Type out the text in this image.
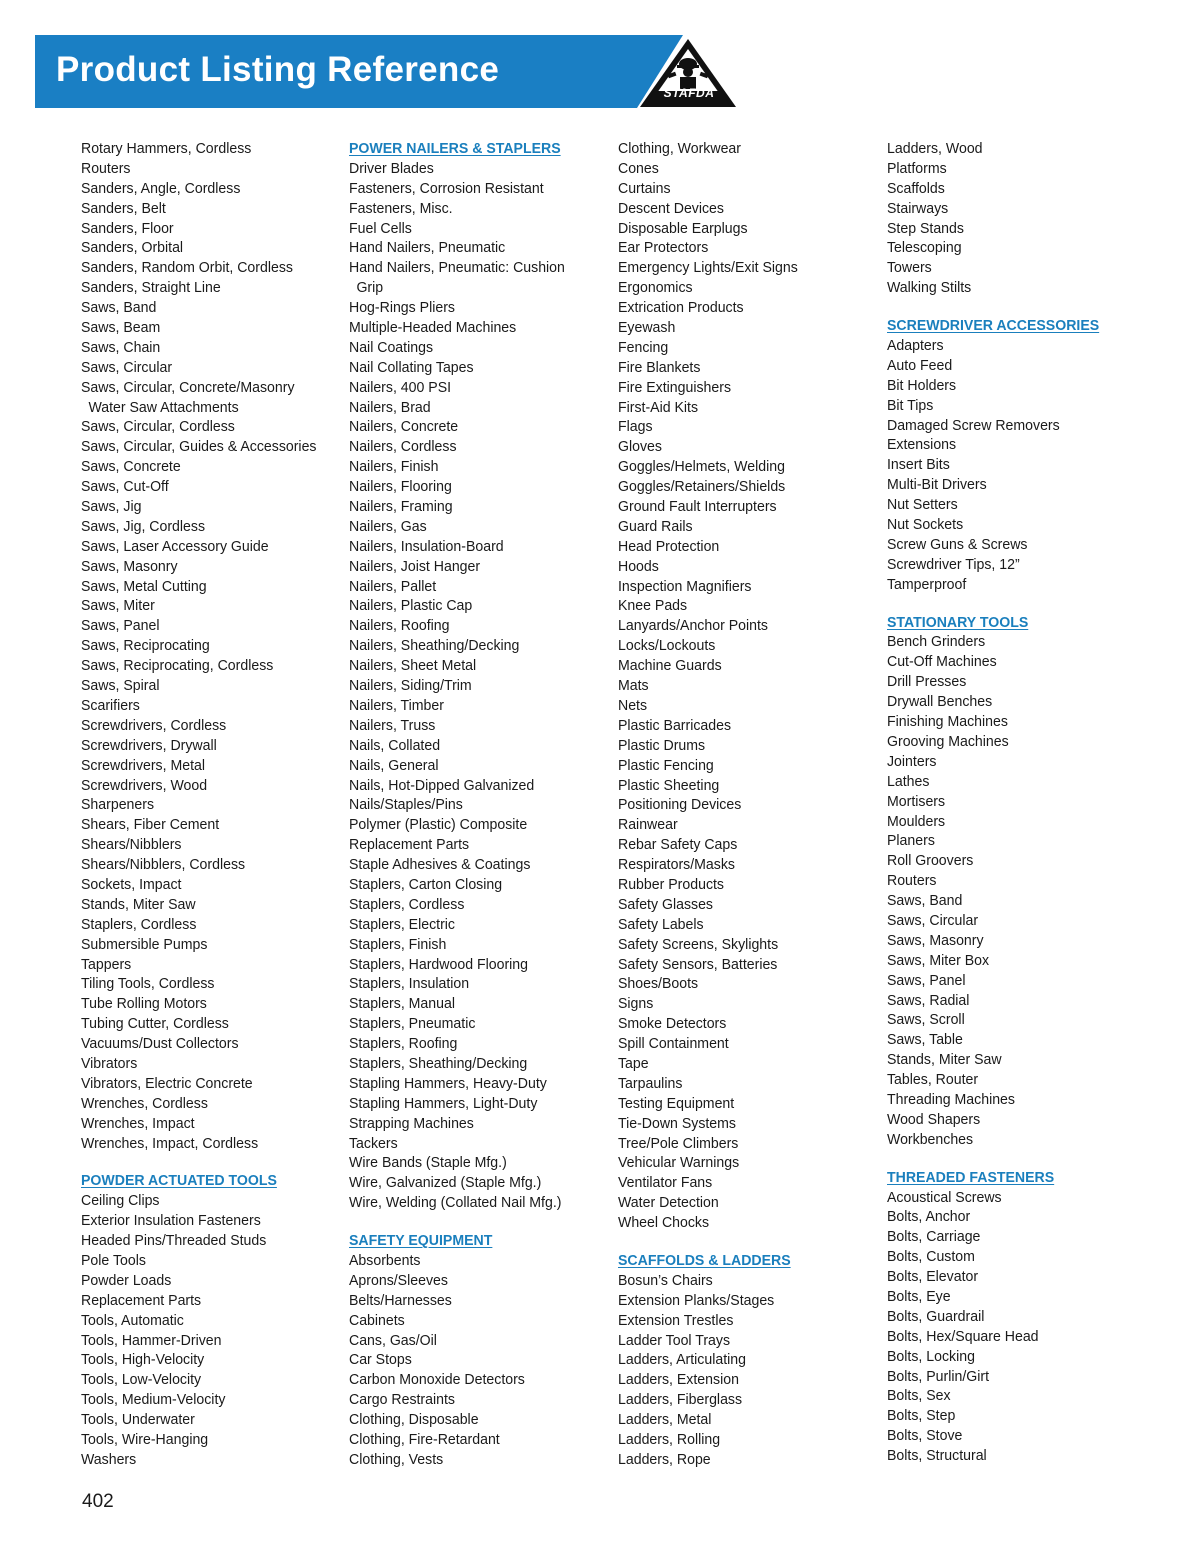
Product Listing Reference
STAFDA
Rotary Hammers, Cordless
Routers
Sanders, Angle, Cordless
Sanders, Belt
Sanders, Floor
Sanders, Orbital
Sanders, Random Orbit, Cordless
Sanders, Straight Line
Saws, Band
Saws, Beam
Saws, Chain
Saws, Circular
Saws, Circular, Concrete/Masonry
Water Saw Attachments
Saws, Circular, Cordless
Saws, Circular, Guides & Accessories
Saws, Concrete
Saws, Cut-Off
Saws, Jig
Saws, Jig, Cordless
Saws, Laser Accessory Guide
Saws, Masonry
Saws, Metal Cutting
Saws, Miter
Saws, Panel
Saws, Reciprocating
Saws, Reciprocating, Cordless
Saws, Spiral
Scarifiers
Screwdrivers, Cordless
Screwdrivers, Drywall
Screwdrivers, Metal
Screwdrivers, Wood
Sharpeners
Shears, Fiber Cement
Shears/Nibblers
Shears/Nibblers, Cordless
Sockets, Impact
Stands, Miter Saw
Staplers, Cordless
Submersible Pumps
Tappers
Tiling Tools, Cordless
Tube Rolling Motors
Tubing Cutter, Cordless
Vacuums/Dust Collectors
Vibrators
Vibrators, Electric Concrete
Wrenches, Cordless
Wrenches, Impact
Wrenches, Impact, Cordless
POWDER ACTUATED TOOLS
Ceiling Clips
Exterior Insulation Fasteners
Headed Pins/Threaded Studs
Pole Tools
Powder Loads
Replacement Parts
Tools, Automatic
Tools, Hammer-Driven
Tools, High-Velocity
Tools, Low-Velocity
Tools, Medium-Velocity
Tools, Underwater
Tools, Wire-Hanging
Washers
POWER NAILERS & STAPLERS
Driver Blades
Fasteners, Corrosion Resistant
Fasteners, Misc.
Fuel Cells
Hand Nailers, Pneumatic
Hand Nailers, Pneumatic: Cushion
Grip
Hog-Rings Pliers
Multiple-Headed Machines
Nail Coatings
Nail Collating Tapes
Nailers, 400 PSI
Nailers, Brad
Nailers, Concrete
Nailers, Cordless
Nailers, Finish
Nailers, Flooring
Nailers, Framing
Nailers, Gas
Nailers, Insulation-Board
Nailers, Joist Hanger
Nailers, Pallet
Nailers, Plastic Cap
Nailers, Roofing
Nailers, Sheathing/Decking
Nailers, Sheet Metal
Nailers, Siding/Trim
Nailers, Timber
Nailers, Truss
Nails, Collated
Nails, General
Nails, Hot-Dipped Galvanized
Nails/Staples/Pins
Polymer (Plastic) Composite
Replacement Parts
Staple Adhesives & Coatings
Staplers, Carton Closing
Staplers, Cordless
Staplers, Electric
Staplers, Finish
Staplers, Hardwood Flooring
Staplers, Insulation
Staplers, Manual
Staplers, Pneumatic
Staplers, Roofing
Staplers, Sheathing/Decking
Stapling Hammers, Heavy-Duty
Stapling Hammers, Light-Duty
Strapping Machines
Tackers
Wire Bands (Staple Mfg.)
Wire, Galvanized (Staple Mfg.)
Wire, Welding (Collated Nail Mfg.)
SAFETY EQUIPMENT
Absorbents
Aprons/Sleeves
Belts/Harnesses
Cabinets
Cans, Gas/Oil
Car Stops
Carbon Monoxide Detectors
Cargo Restraints
Clothing, Disposable
Clothing, Fire-Retardant
Clothing, Vests
Clothing, Workwear
Cones
Curtains
Descent Devices
Disposable Earplugs
Ear Protectors
Emergency Lights/Exit Signs
Ergonomics
Extrication Products
Eyewash
Fencing
Fire Blankets
Fire Extinguishers
First-Aid Kits
Flags
Gloves
Goggles/Helmets, Welding
Goggles/Retainers/Shields
Ground Fault Interrupters
Guard Rails
Head Protection
Hoods
Inspection Magnifiers
Knee Pads
Lanyards/Anchor Points
Locks/Lockouts
Machine Guards
Mats
Nets
Plastic Barricades
Plastic Drums
Plastic Fencing
Plastic Sheeting
Positioning Devices
Rainwear
Rebar Safety Caps
Respirators/Masks
Rubber Products
Safety Glasses
Safety Labels
Safety Screens, Skylights
Safety Sensors, Batteries
Shoes/Boots
Signs
Smoke Detectors
Spill Containment
Tape
Tarpaulins
Testing Equipment
Tie-Down Systems
Tree/Pole Climbers
Vehicular Warnings
Ventilator Fans
Water Detection
Wheel Chocks
SCAFFOLDS & LADDERS
Bosun’s Chairs
Extension Planks/Stages
Extension Trestles
Ladder Tool Trays
Ladders, Articulating
Ladders, Extension
Ladders, Fiberglass
Ladders, Metal
Ladders, Rolling
Ladders, Rope
Ladders, Wood
Platforms
Scaffolds
Stairways
Step Stands
Telescoping
Towers
Walking Stilts
SCREWDRIVER ACCESSORIES
Adapters
Auto Feed
Bit Holders
Bit Tips
Damaged Screw Removers
Extensions
Insert Bits
Multi-Bit Drivers
Nut Setters
Nut Sockets
Screw Guns & Screws
Screwdriver Tips, 12”
Tamperproof
STATIONARY TOOLS
Bench Grinders
Cut-Off Machines
Drill Presses
Drywall Benches
Finishing Machines
Grooving Machines
Jointers
Lathes
Mortisers
Moulders
Planers
Roll Groovers
Routers
Saws, Band
Saws, Circular
Saws, Masonry
Saws, Miter Box
Saws, Panel
Saws, Radial
Saws, Scroll
Saws, Table
Stands, Miter Saw
Tables, Router
Threading Machines
Wood Shapers
Workbenches
THREADED FASTENERS
Acoustical Screws
Bolts, Anchor
Bolts, Carriage
Bolts, Custom
Bolts, Elevator
Bolts, Eye
Bolts, Guardrail
Bolts, Hex/Square Head
Bolts, Locking
Bolts, Purlin/Girt
Bolts, Sex
Bolts, Step
Bolts, Stove
Bolts, Structural
402
